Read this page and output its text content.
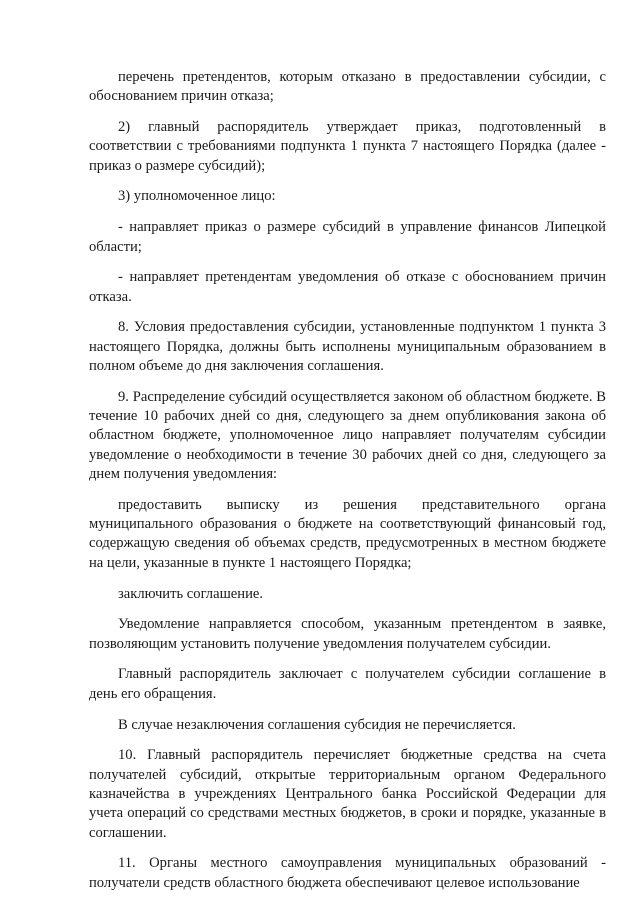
перечень претендентов, которым отказано в предоставлении субсидии, с обоснованием причин отказа;

2) главный распорядитель утверждает приказ, подготовленный в соответствии с требованиями подпункта 1 пункта 7 настоящего Порядка (далее - приказ о размере субсидий);

3) уполномоченное лицо:

- направляет приказ о размере субсидий в управление финансов Липецкой области;

- направляет претендентам уведомления об отказе с обоснованием причин отказа.

8. Условия предоставления субсидии, установленные подпунктом 1 пункта 3 настоящего Порядка, должны быть исполнены муниципальным образованием в полном объеме до дня заключения соглашения.

9. Распределение субсидий осуществляется законом об областном бюджете. В течение 10 рабочих дней со дня, следующего за днем опубликования закона об областном бюджете, уполномоченное лицо направляет получателям субсидии уведомление о необходимости в течение 30 рабочих дней со дня, следующего за днем получения уведомления:

предоставить выписку из решения представительного органа муниципального образования о бюджете на соответствующий финансовый год, содержащую сведения об объемах средств, предусмотренных в местном бюджете на цели, указанные в пункте 1 настоящего Порядка;

заключить соглашение.

Уведомление направляется способом, указанным претендентом в заявке, позволяющим установить получение уведомления получателем субсидии.

Главный распорядитель заключает с получателем субсидии соглашение в день его обращения.

В случае незаключения соглашения субсидия не перечисляется.

10. Главный распорядитель перечисляет бюджетные средства на счета получателей субсидий, открытые территориальным органом Федерального казначейства в учреждениях Центрального банка Российской Федерации для учета операций со средствами местных бюджетов, в сроки и порядке, указанные в соглашении.

11. Органы местного самоуправления муниципальных образований - получатели средств областного бюджета обеспечивают целевое использование
